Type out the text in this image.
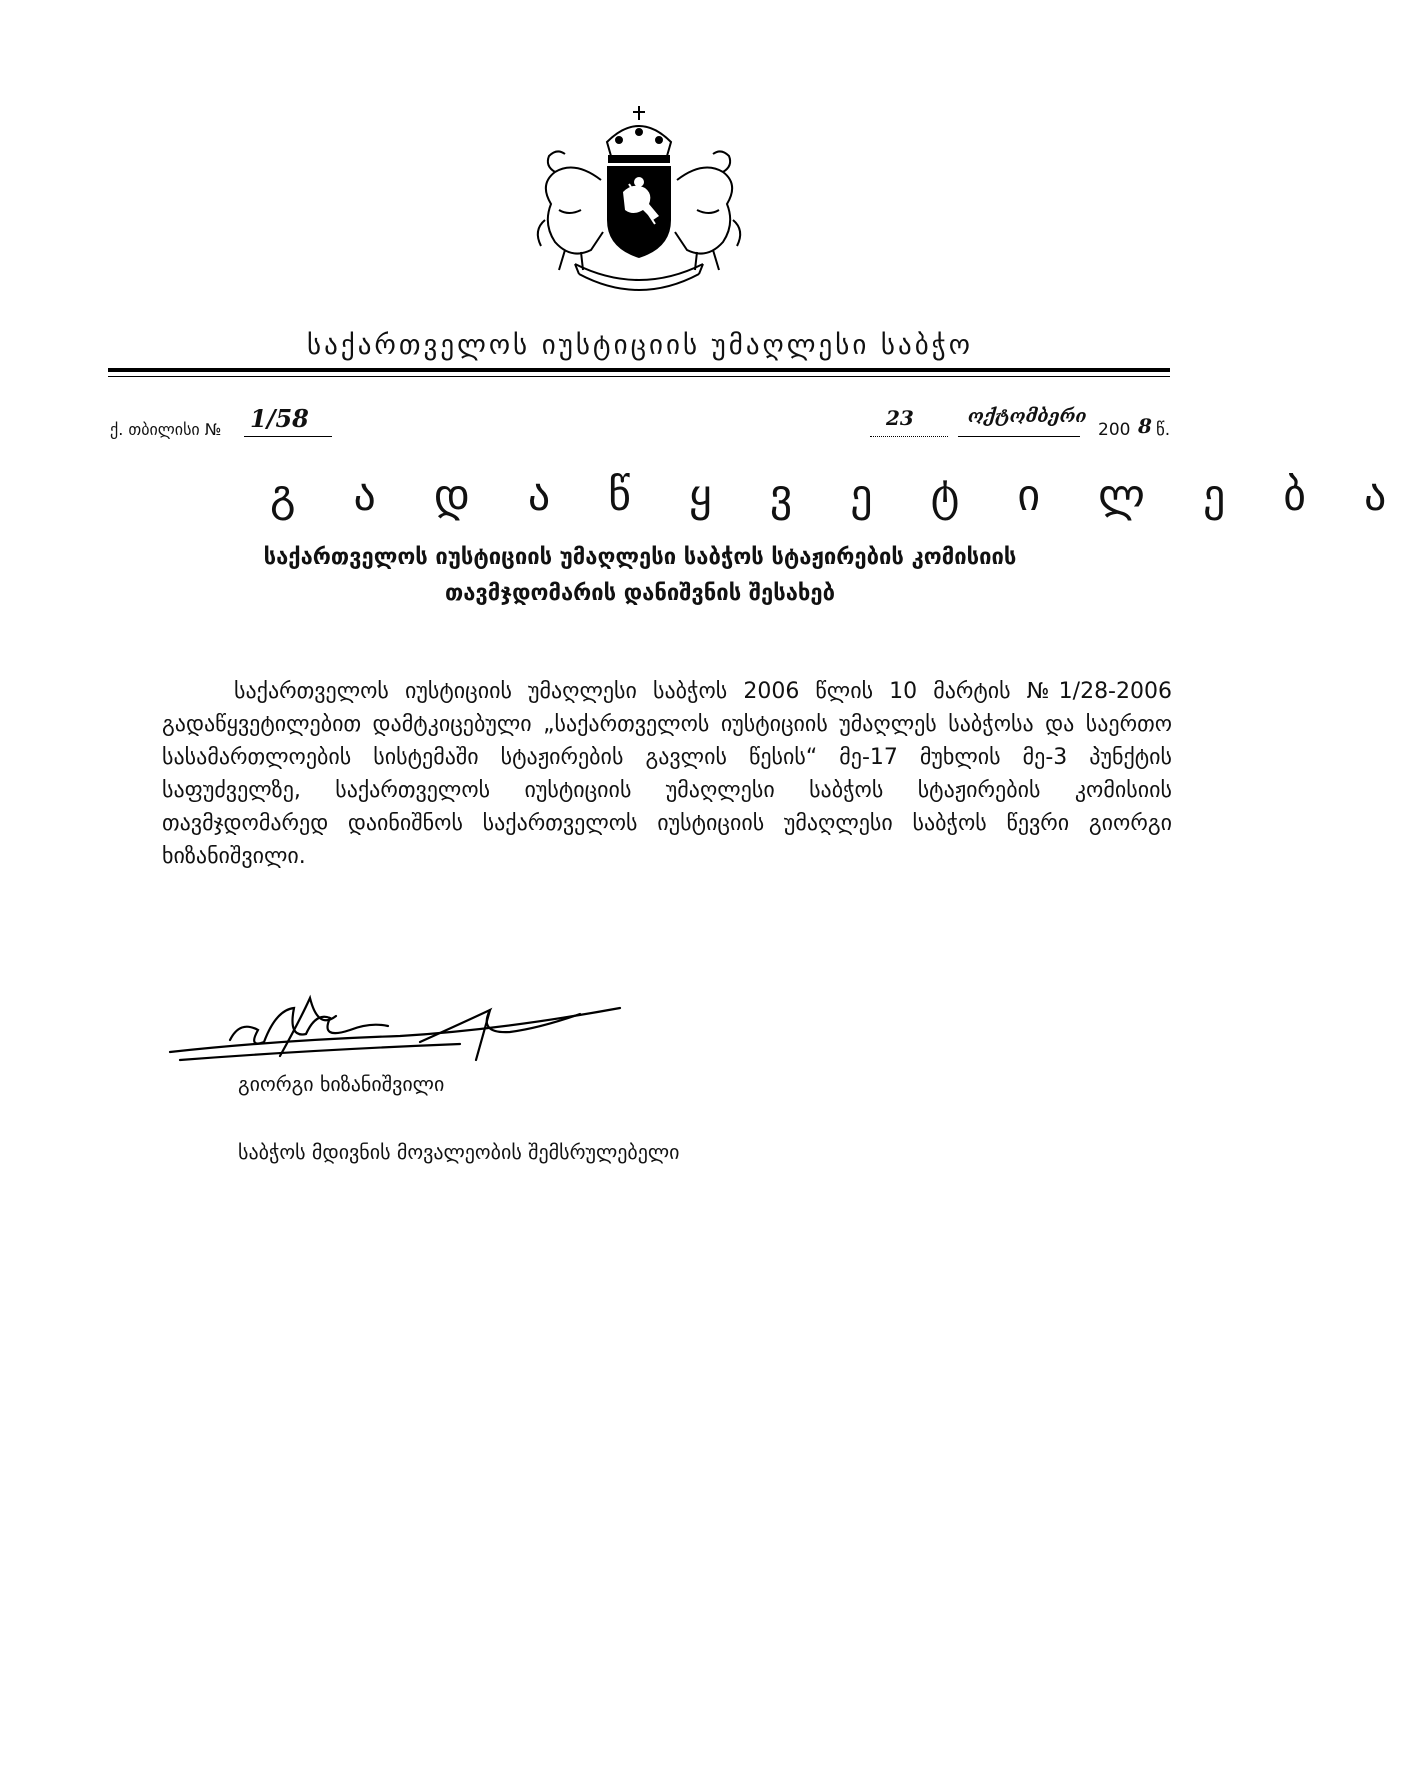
საქართველოს იუსტიციის უმაღლესი საბჭო
ქ. თბილისი № 1/58	23	ოქტომბერი
200 8 წ.
გ ა დ ა წ ყ ვ ე ტ ი ლ ე ბ ა
საქართველოს იუსტიციის უმაღლესი საბჭოს სტაჟირების კომისიის
თავმჯდომარის დანიშვნის შესახებ
საქართველოს იუსტიციის უმაღლესი საბჭოს 2006 წლის 10 მარტის №1/28-2006 გადაწყვეტილებით დამტკიცებული „საქართველოს იუსტიციის უმაღლეს საბჭოსა და საერთო სასამართლოების სისტემაში სტაჟირების გავლის წესის“ მე-17 მუხლის მე-3 პუნქტის საფუძველზე, საქართველოს იუსტიციის უმაღლესი საბჭოს სტაჟირების კომისიის თავმჯდომარედ დაინიშნოს საქართველოს იუსტიციის უმაღლესი საბჭოს წევრი გიორგი ხიზანიშვილი.
გიორგი ხიზანიშვილი
საბჭოს მდივნის მოვალეობის შემსრულებელი
